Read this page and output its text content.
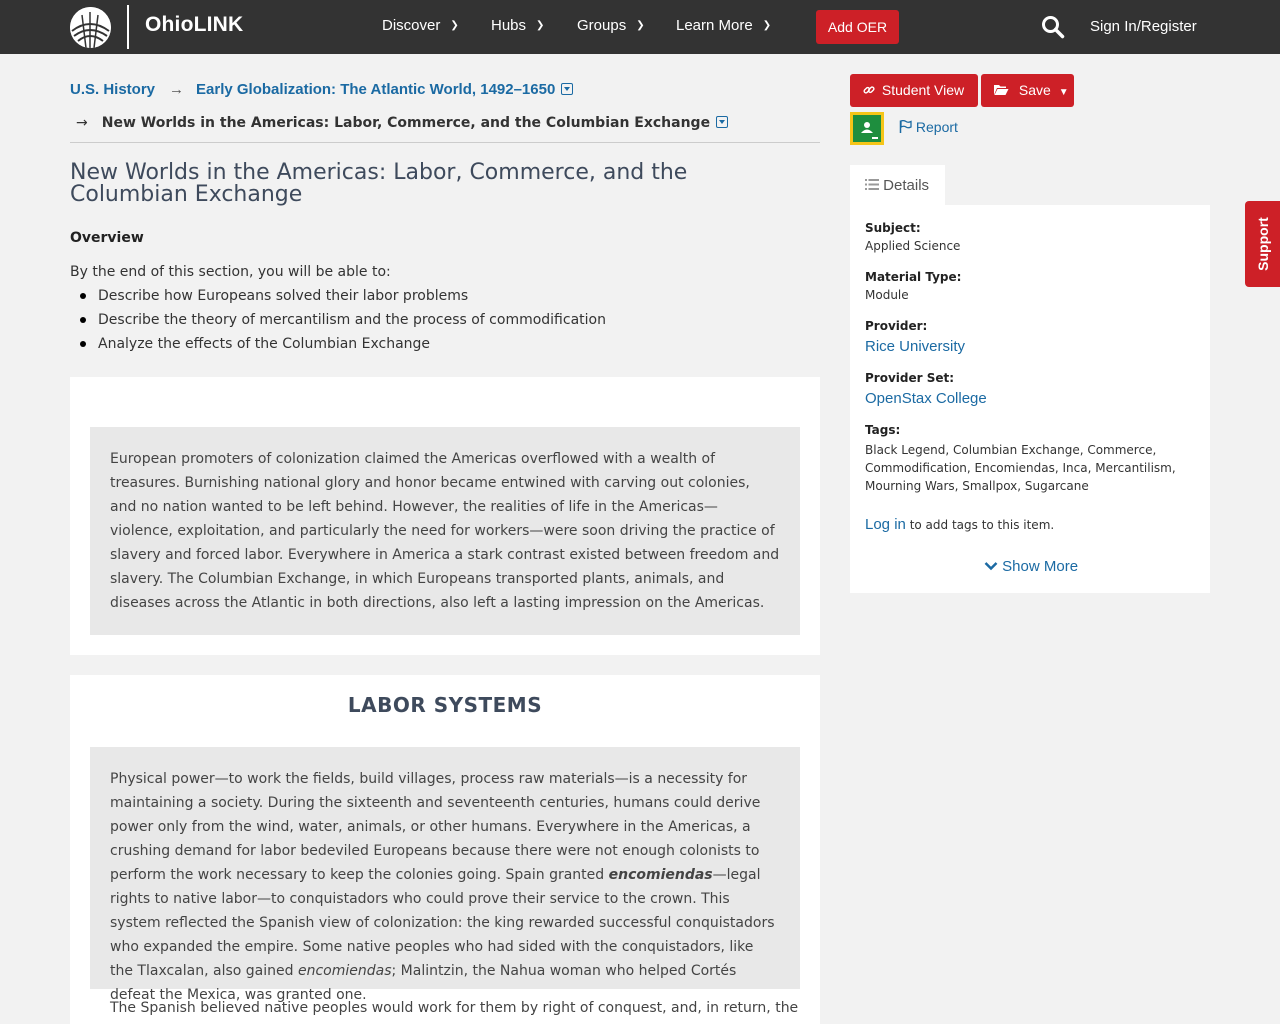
OhioLINK	Discover ❯ Hubs ❯ Groups ❯ Learn More ❯	Add OER	Sign In/Register
U.S. History → Early Globalization: The Atlantic World, 1492–1650
→ New Worlds in the Americas: Labor, Commerce, and the Columbian Exchange
New Worlds in the Americas: Labor, Commerce, and the Columbian Exchange
Overview
By the end of this section, you will be able to:
Describe how Europeans solved their labor problems
Describe the theory of mercantilism and the process of commodification
Analyze the effects of the Columbian Exchange

European promoters of colonization claimed the Americas overflowed with a wealth of treasures. Burnishing national glory and honor became entwined with carving out colonies, and no nation wanted to be left behind. However, the realities of life in the Americas—violence, exploitation, and particularly the need for workers—were soon driving the practice of slavery and forced labor. Everywhere in America a stark contrast existed between freedom and slavery. The Columbian Exchange, in which Europeans transported plants, animals, and diseases across the Atlantic in both directions, also left a lasting impression on the Americas.

LABOR SYSTEMS

Physical power—to work the fields, build villages, process raw materials—is a necessity for maintaining a society. During the sixteenth and seventeenth centuries, humans could derive power only from the wind, water, animals, or other humans. Everywhere in the Americas, a crushing demand for labor bedeviled Europeans because there were not enough colonists to perform the work necessary to keep the colonies going. Spain granted encomiendas—legal rights to native labor—to conquistadors who could prove their service to the crown. This system reflected the Spanish view of colonization: the king rewarded successful conquistadors who expanded the empire. Some native peoples who had sided with the conquistadors, like the Tlaxcalan, also gained encomiendas; Malintzin, the Nahua woman who helped Cortés defeat the Mexica, was granted one.

The Spanish believed native peoples would work for them by right of conquest, and, in return, the

Student View	Save ▼
Report
Details
Subject:
Applied Science
Material Type:
Module
Provider:
Rice University
Provider Set:
OpenStax College
Tags:
Black Legend, Columbian Exchange, Commerce, Commodification, Encomiendas, Inca, Mercantilism, Mourning Wars, Smallpox, Sugarcane
Log in to add tags to this item.
Show More
Support
